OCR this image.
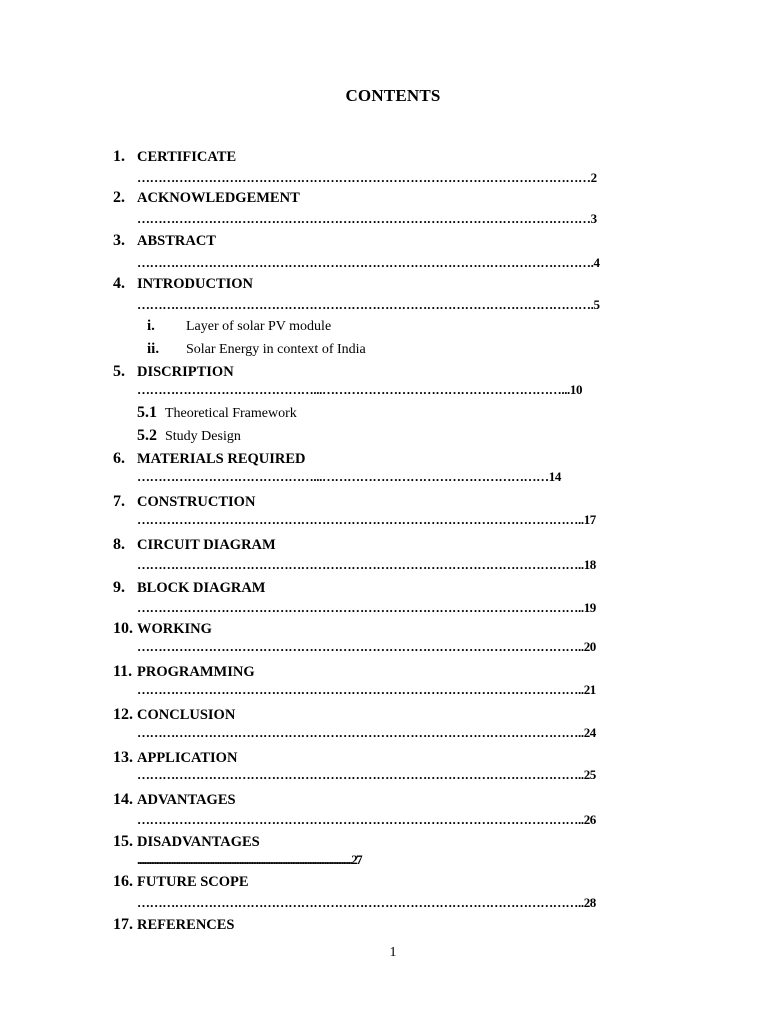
CONTENTS
1. CERTIFICATE
………………………………………………………………………………………………2
2. ACKNOWLEDGEMENT
………………………………………………………………………………………………3
3. ABSTRACT
……………………………………………………………………………………………….4
4. INTRODUCTION
……………………………………………………………………………………………….5
i. Layer of solar PV module
ii. Solar Energy in context of India
5. DISCRIPTION
……………………………………...…………………………………………………...10
5.1 Theoretical Framework
5.2 Study Design
6. MATERIALS REQUIRED
……………………………………...………………………………………………14
7. CONSTRUCTION
……………………………………………………………………………………………..17
8. CIRCUIT DIAGRAM
……………………………………………………………………………………………..18
9. BLOCK DIAGRAM
……………………………………………………………………………………………..19
10. WORKING
……………………………………………………………………………………………..20
11. PROGRAMMING
……………………………………………………………………………………………..21
12. CONCLUSION
……………………………………………………………………………………………..24
13. APPLICATION
……………………………………………………………………………………………..25
14. ADVANTAGES
……………………………………………………………………………………………..26
15. DISADVANTAGES
..............................................................................................................................27
16. FUTURE SCOPE
……………………………………………………………………………………………..28
17. REFERENCES
1
